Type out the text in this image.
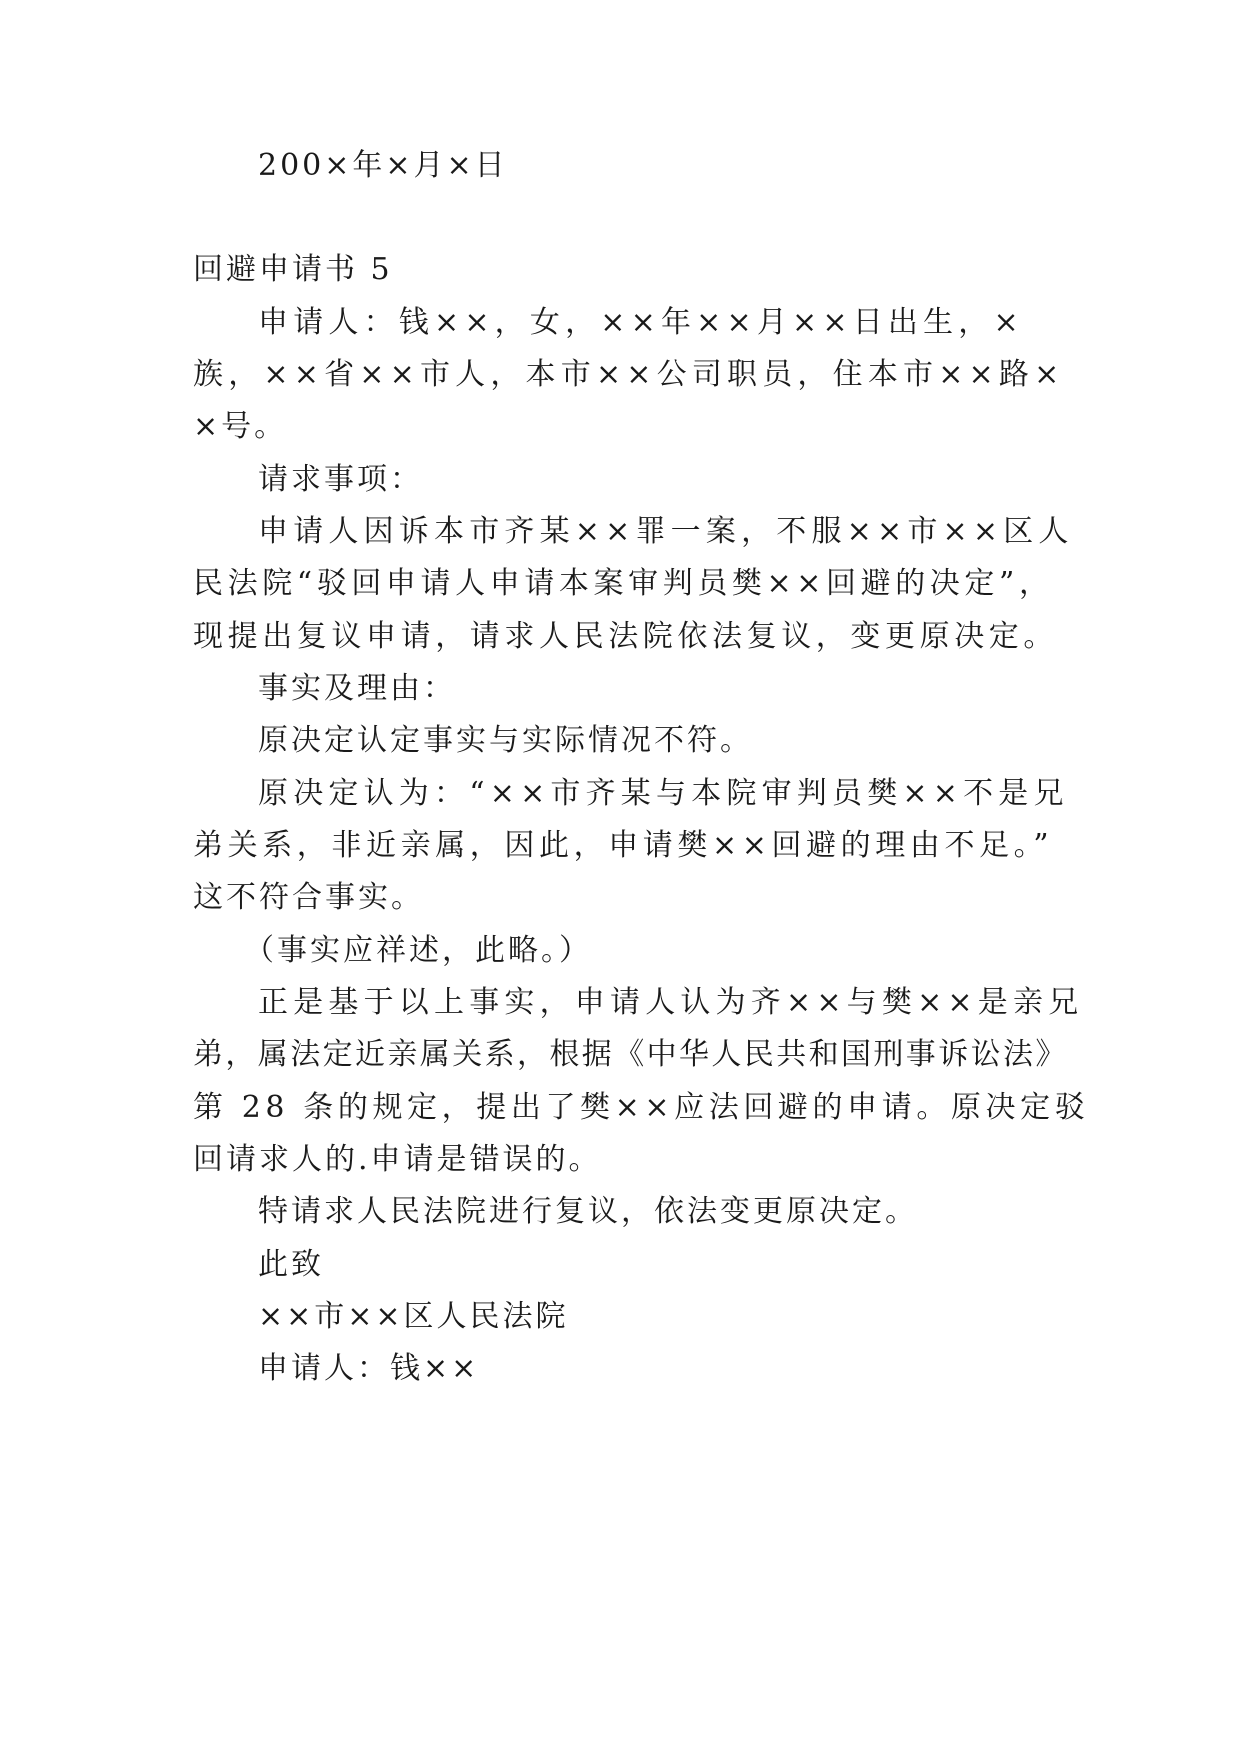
200×年×月×日
回避申请书 5
申请人：钱××，女，××年××月××日出生，×
族，××省××市人，本市××公司职员，住本市××路×
×号。
请求事项：
申请人因诉本市齐某××罪一案，不服××市××区人
民法院“驳回申请人申请本案审判员樊××回避的决定”，
现提出复议申请，请求人民法院依法复议，变更原决定。
事实及理由：
原决定认定事实与实际情况不符。
原决定认为：“××市齐某与本院审判员樊××不是兄
弟关系，非近亲属，因此，申请樊××回避的理由不足。”
这不符合事实。
（事实应祥述，此略。）
正是基于以上事实，申请人认为齐××与樊××是亲兄
弟，属法定近亲属关系，根据《中华人民共和国刑事诉讼法》
第 28 条的规定，提出了樊××应法回避的申请。原决定驳
回请求人的.申请是错误的。
特请求人民法院进行复议，依法变更原决定。
此致
××市××区人民法院
申请人：钱××
